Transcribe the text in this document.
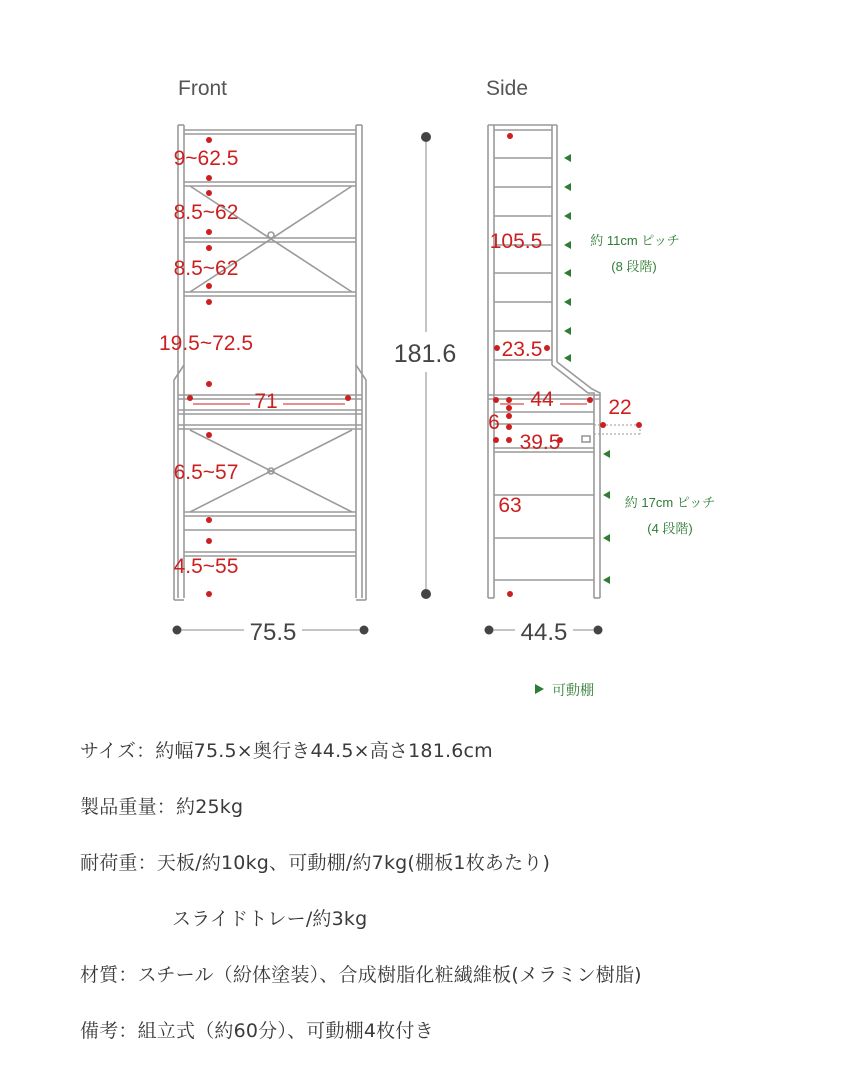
Front	Side
9~62.5
8.5~62
8.5~62
19.5~72.5
71
6.5~57
4.5~55
75.5
181.6
105.5
23.5
44	22
6
39.5
63
約 11cm ピッチ
(8 段階)
約 17cm ピッチ
(4 段階)
44.5
可動棚
サイズ：約幅75.5×奥行き44.5×高さ181.6cm
製品重量：約25kg
耐荷重：天板/約10kg、可動棚/約7kg(棚板1枚あたり)
スライドトレー/約3kg
材質：スチール（紛体塗装）、合成樹脂化粧繊維板(メラミン樹脂)
備考：組立式（約60分）、可動棚4枚付き
